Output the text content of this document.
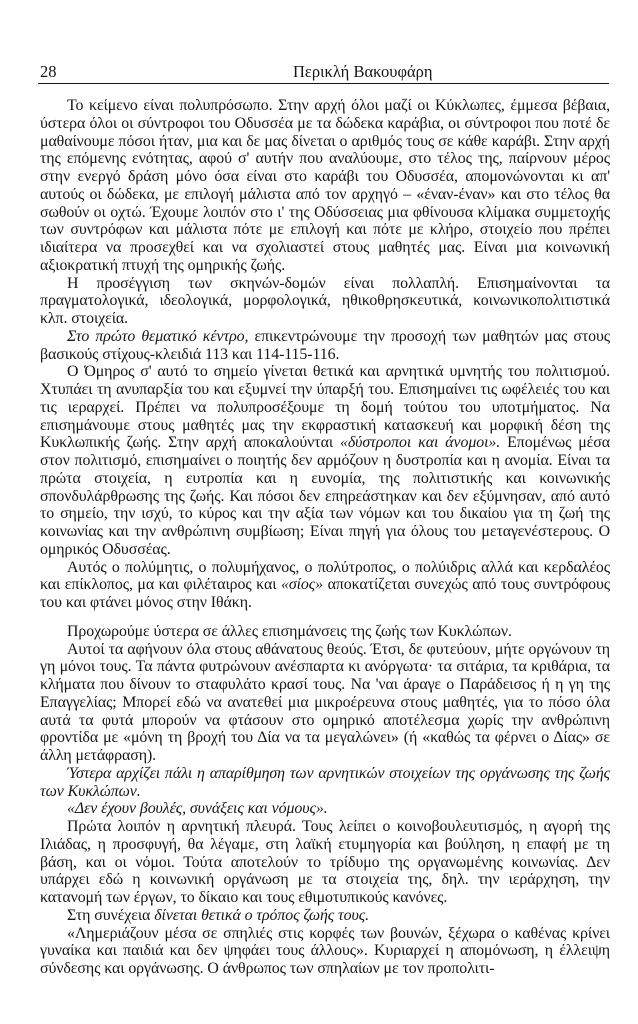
28	Περικλή Βακουφάρη

Το κείμενο είναι πολυπρόσωπο. Στην αρχή όλοι μαζί οι Κύκλωπες, έμμεσα βέβαια, ύστερα όλοι οι σύντροφοι του Οδυσσέα με τα δώδεκα καράβια, οι σύντροφοι που ποτέ δε μαθαίνουμε πόσοι ήταν, μια και δε μας δίνεται ο αριθμός τους σε κάθε καράβι. Στην αρχή της επόμενης ενότητας, αφού σ' αυτήν που αναλύουμε, στο τέλος της, παίρνουν μέρος στην ενεργό δράση μόνο όσα είναι στο καράβι του Οδυσσέα, απομονώνονται κι απ' αυτούς οι δώδεκα, με επιλογή μάλιστα από τον αρχηγό – «έναν-έναν» και στο τέλος θα σωθούν οι οχτώ. Έχουμε λοιπόν στο ι' της Οδύσσειας μια φθίνουσα κλίμακα συμμετοχής των συντρόφων και μάλιστα πότε με επιλογή και πότε με κλήρο, στοιχείο που πρέπει ιδιαίτερα να προσεχθεί και να σχολιαστεί στους μαθητές μας. Είναι μια κοινωνική αξιοκρατική πτυχή της ομηρικής ζωής.

Η προσέγγιση των σκηνών-δομών είναι πολλαπλή. Επισημαίνονται τα πραγματολογικά, ιδεολογικά, μορφολογικά, ηθικοθρησκευτικά, κοινωνικοπολιτιστικά κλπ. στοιχεία.

Στο πρώτο θεματικό κέντρο, επικεντρώνουμε την προσοχή των μαθητών μας στους βασικούς στίχους-κλειδιά 113 και 114-115-116.

Ο Όμηρος σ' αυτό το σημείο γίνεται θετικά και αρνητικά υμνητής του πολιτισμού. Χτυπάει τη ανυπαρξία του και εξυμνεί την ύπαρξή του. Επισημαίνει τις ωφέλειές του και τις ιεραρχεί. Πρέπει να πολυπροσέξουμε τη δομή τούτου του υποτμήματος. Να επισημάνουμε στους μαθητές μας την εκφραστική κατασκευή και μορφική δέση της Κυκλωπικής ζωής. Στην αρχή αποκαλούνται «δύστροποι και άνομοι». Επομένως μέσα στον πολιτισμό, επισημαίνει ο ποιητής δεν αρμόζουν η δυστροπία και η ανομία. Είναι τα πρώτα στοιχεία, η ευτροπία και η ευνομία, της πολιτιστικής και κοινωνικής σπονδυλάρθρωσης της ζωής. Και πόσοι δεν επηρεάστηκαν και δεν εξύμνησαν, από αυτό το σημείο, την ισχύ, το κύρος και την αξία των νόμων και του δικαίου για τη ζωή της κοινωνίας και την ανθρώπινη συμβίωση; Είναι πηγή για όλους του μεταγενέστερους. Ο ομηρικός Οδυσσέας.

Αυτός ο πολύμητις, ο πολυμήχανος, ο πολύτροπος, ο πολύιδρις αλλά και κερδαλέος και επίκλοπος, μα και φιλέταιρος και «σίος» αποκατίζεται συνεχώς από τους συντρόφους του και φτάνει μόνος στην Ιθάκη.

Προχωρούμε ύστερα σε άλλες επισημάνσεις της ζωής των Κυκλώπων.

Αυτοί τα αφήνουν όλα στους αθάνατους θεούς. Έτσι, δε φυτεύουν, μήτε οργώνουν τη γη μόνοι τους. Τα πάντα φυτρώνουν ανέσπαρτα κι ανόργωτα· τα σιτάρια, τα κριθάρια, τα κλήματα που δίνουν το σταφυλάτο κρασί τους. Να 'ναι άραγε ο Παράδεισος ή η γη της Επαγγελίας; Μπορεί εδώ να ανατεθεί μια μικροέρευνα στους μαθητές, για το πόσο όλα αυτά τα φυτά μπορούν να φτάσουν στο ομηρικό αποτέλεσμα χωρίς την ανθρώπινη φροντίδα με «μόνη τη βροχή του Δία να τα μεγαλώνει» (ή «καθώς τα φέρνει ο Δίας» σε άλλη μετάφραση).

Ύστερα αρχίζει πάλι η απαρίθμηση των αρνητικών στοιχείων της οργάνωσης της ζωής των Κυκλώπων.

«Δεν έχουν βουλές, συνάξεις και νόμους».

Πρώτα λοιπόν η αρνητική πλευρά. Τους λείπει ο κοινοβουλευτισμός, η αγορή της Ιλιάδας, η προσφυγή, θα λέγαμε, στη λαϊκή ετυμηγορία και βούληση, η επαφή με τη βάση, και οι νόμοι. Τούτα αποτελούν το τρίδυμο της οργανωμένης κοινωνίας. Δεν υπάρχει εδώ η κοινωνική οργάνωση με τα στοιχεία της, δηλ. την ιεράρχηση, την κατανομή των έργων, το δίκαιο και τους εθιμοτυπικούς κανόνες.

Στη συνέχεια δίνεται θετικά ο τρόπος ζωής τους.

«Λημεριάζουν μέσα σε σπηλιές στις κορφές των βουνών, ξέχωρα ο καθένας κρίνει γυναίκα και παιδιά και δεν ψηφάει τους άλλους». Κυριαρχεί η απομόνωση, η έλλειψη σύνδεσης και οργάνωσης. Ο άνθρωπος των σπηλαίων με τον προπολιτι-
